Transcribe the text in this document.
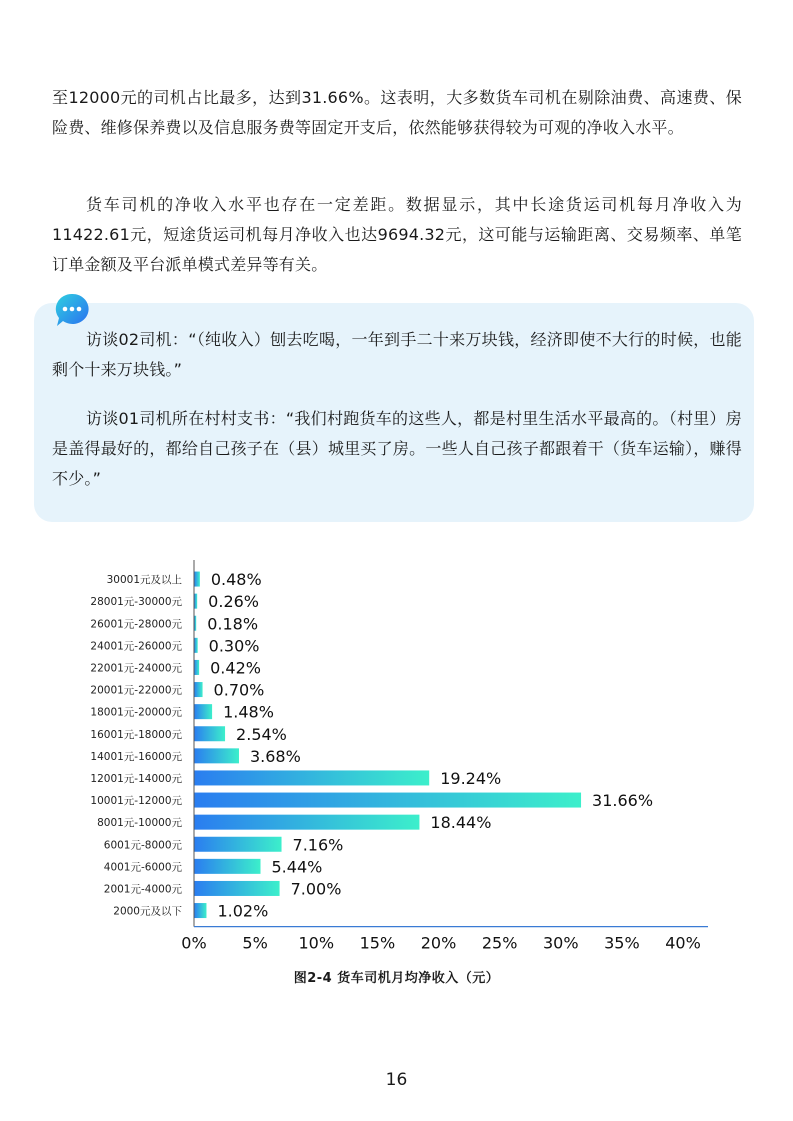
至12000元的司机占比最多，达到31.66%。这表明，大多数货车司机在剔除油费、高速费、保险费、维修保养费以及信息服务费等固定开支后，依然能够获得较为可观的净收入水平。

货车司机的净收入水平也存在一定差距。数据显示，其中长途货运司机每月净收入为11422.61元，短途货运司机每月净收入也达9694.32元，这可能与运输距离、交易频率、单笔订单金额及平台派单模式差异等有关。

访谈02司机：“（纯收入）刨去吃喝，一年到手二十来万块钱，经济即使不大行的时候，也能剩个十来万块钱。”

访谈01司机所在村村支书：“我们村跑货车的这些人，都是村里生活水平最高的。（村里）房是盖得最好的，都给自己孩子在（县）城里买了房。一些人自己孩子都跟着干（货车运输），赚得不少。”

30001元及以上
28001元-30000元
26001元-28000元
24001元-26000元
22001元-24000元
20001元-22000元
18001元-20000元
16001元-18000元
14001元-16000元
12001元-14000元
10001元-12000元
8001元-10000元
6001元-8000元
4001元-6000元
2001元-4000元
2000元及以下
0.48%
0.26%
0.18%
0.30%
0.42%
0.70%
1.48%
2.54%
3.68%
19.24%
31.66%
18.44%
7.16%
5.44%
7.00%
1.02%
0% 5% 10% 15% 20% 25% 30% 35% 40%
图2-4 货车司机月均净收入（元）
16
